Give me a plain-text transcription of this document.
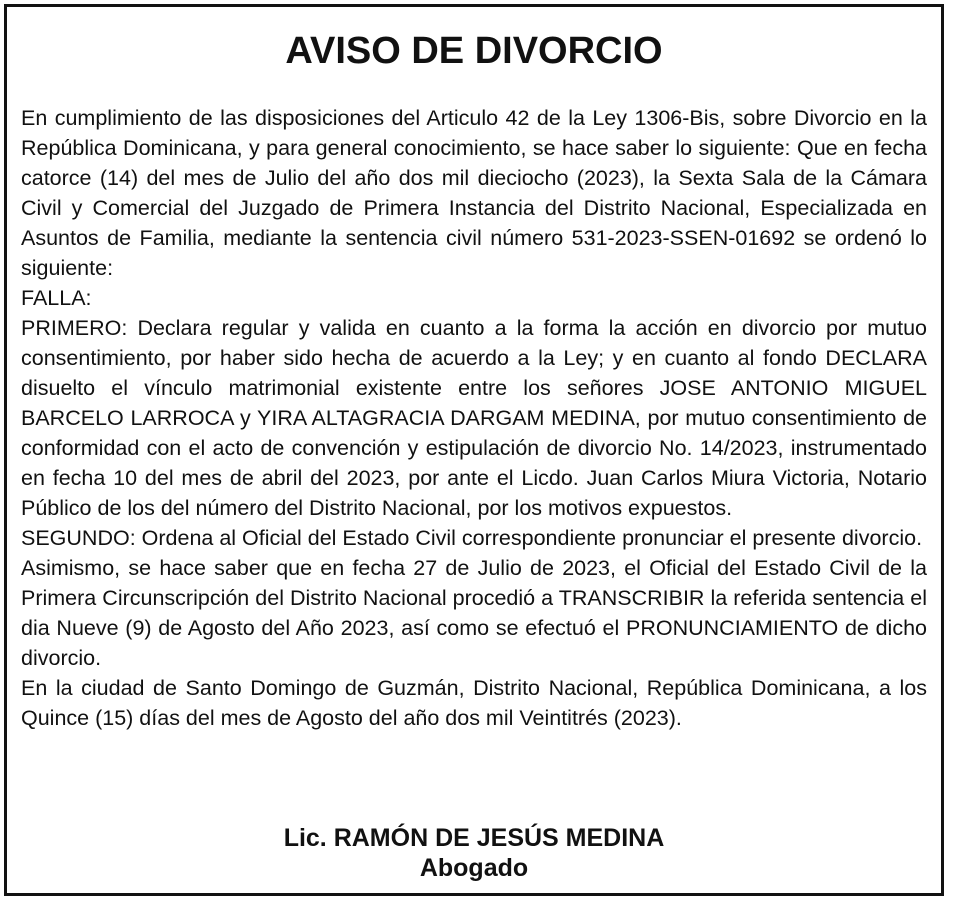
AVISO DE DIVORCIO

En cumplimiento de las disposiciones del Articulo 42 de la Ley 1306-Bis, sobre Divorcio en la República Dominicana, y para general conocimiento, se hace saber lo siguiente: Que en fecha catorce (14) del mes de Julio del año dos mil dieciocho (2023), la Sexta Sala de la Cámara Civil y Comercial del Juzgado de Primera Instancia del Distrito Nacional, Especializada en Asuntos de Familia, mediante la sentencia civil número 531-2023-SSEN-01692 se ordenó lo siguiente:

FALLA:

PRIMERO: Declara regular y valida en cuanto a la forma la acción en divorcio por mutuo consentimiento, por haber sido hecha de acuerdo a la Ley; y en cuanto al fondo DECLARA disuelto el vínculo matrimonial existente entre los señores JOSE ANTONIO MIGUEL BARCELO LARROCA y YIRA ALTAGRACIA DARGAM MEDINA, por mutuo consentimiento de conformidad con el acto de convención y estipulación de divorcio No. 14/2023, instrumentado en fecha 10 del mes de abril del 2023, por ante el Licdo. Juan Carlos Miura Victoria, Notario Público de los del número del Distrito Nacional, por los motivos expuestos.

SEGUNDO: Ordena al Oficial del Estado Civil correspondiente pronunciar el presente divorcio.

Asimismo, se hace saber que en fecha 27 de Julio de 2023, el Oficial del Estado Civil de la Primera Circunscripción del Distrito Nacional procedió a TRANSCRIBIR la referida sentencia el dia Nueve (9) de Agosto del Año 2023, así como se efectuó el PRONUNCIAMIENTO de dicho divorcio.

En la ciudad de Santo Domingo de Guzmán, Distrito Nacional, República Dominicana, a los Quince (15) días del mes de Agosto del año dos mil Veintitrés (2023).

Lic. RAMÓN DE JESÚS MEDINA
Abogado
